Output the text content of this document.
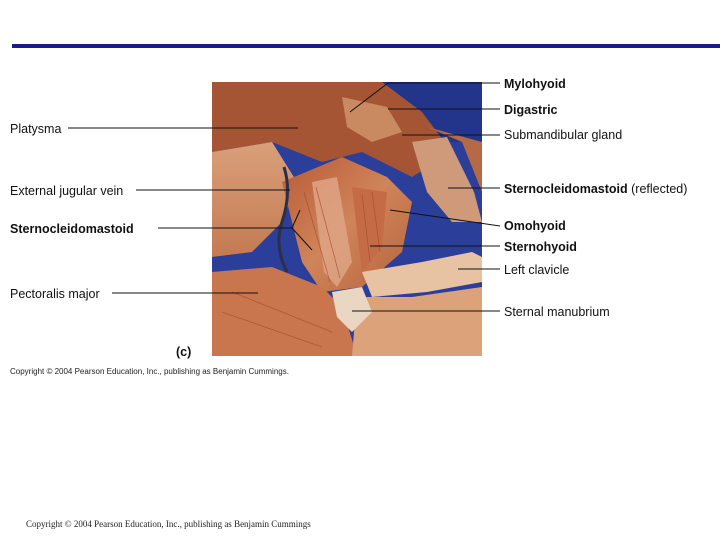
Platysma
External jugular vein
Sternocleidomastoid
Pectoralis major
Mylohyoid
Digastric
Submandibular gland
Sternocleidomastoid (reflected)
Omohyoid
Sternohyoid
Left clavicle
Sternal manubrium
(c)
Copyright © 2004 Pearson Education, Inc., publishing as Benjamin Cummings.
Copyright © 2004 Pearson Education, Inc., publishing as Benjamin Cummings
